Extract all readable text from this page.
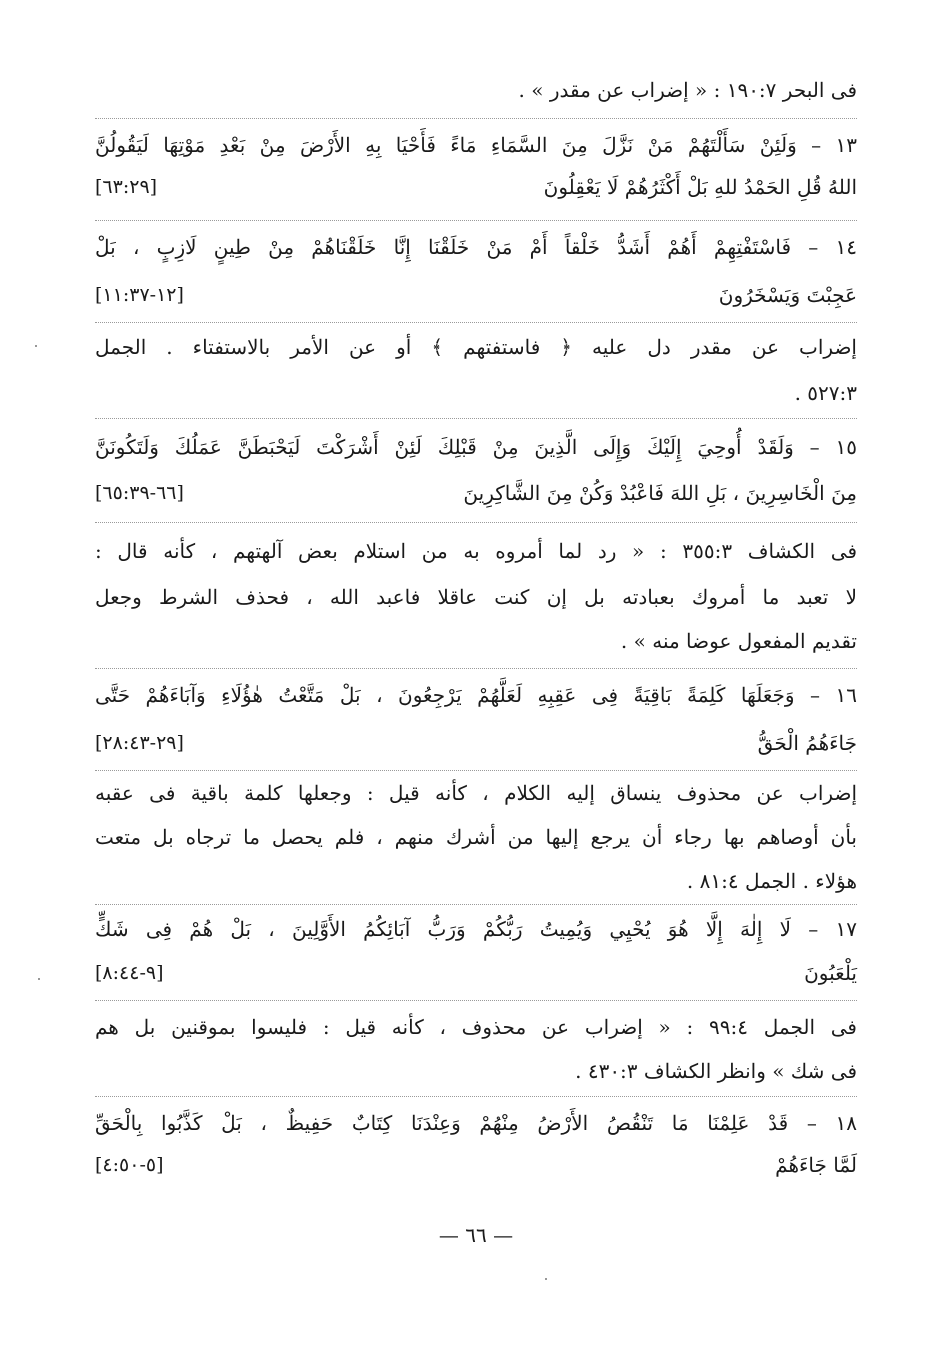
فى البحر ١٩٠:٧ : « إضراب عن مقدر » .
١٣ – وَلَئِنْ سَأَلْتَهُمْ مَنْ نَزَّلَ مِنَ السَّمَاءِ مَاءً فَأَحْيَا بِهِ الأَرْضَ مِنْ بَعْدِ مَوْتِهَا لَيَقُولُنَّ
اللهُ قُلِ الحَمْدُ للهِ بَلْ أَكْثَرُهُمْ لَا يَعْقِلُونَ
[٦٣:٢٩]
١٤ – فَاسْتَفْتِهِمْ أَهُمْ أَشَدُّ خَلْقاً أَمْ مَنْ خَلَقْنَا إِنَّا خَلَقْنَاهُمْ مِنْ طِينٍ لَازِبٍ ، بَلْ
عَجِبْتَ وَيَسْخَرُونَ
[١٢-١١:٣٧]
إضراب عن مقدر دل عليه ﴿ فاستفتهم ﴾ أو عن الأمر بالاستفتاء . الجمل
٥٢٧:٣ .
١٥ – وَلَقَدْ أُوحِيَ إِلَيْكَ وَإِلَى الَّذِينَ مِنْ قَبْلِكَ لَئِنْ أَشْرَكْتَ لَيَحْبَطَنَّ عَمَلُكَ وَلَتَكُونَنَّ
مِنَ الْخَاسِرِينَ ، بَلِ اللهَ فَاعْبُدْ وَكُنْ مِنَ الشَّاكِرِينَ
[٦٦-٦٥:٣٩]
فى الكشاف ٣٥٥:٣ : « رد لما أمروه به من استلام بعض آلهتهم ، كأنه قال :
لا تعبد ما أمروك بعبادته بل إن كنت عاقلا فاعبد الله ، فحذف الشرط وجعل
تقديم المفعول عوضا منه » .
١٦ – وَجَعَلَهَا كَلِمَةً بَاقِيَةً فِى عَقِبِهِ لَعَلَّهُمْ يَرْجِعُونَ ، بَلْ مَتَّعْتُ هٰؤُلَاءِ وَآبَاءَهُمْ حَتَّى
جَاءَهُمُ الْحَقُّ
[٢٩-٢٨:٤٣]
إضراب عن محذوف ينساق إليه الكلام ، كأنه قيل : وجعلها كلمة باقية فى عقبه
بأن أوصاهم بها رجاء أن يرجع إليها من أشرك منهم ، فلم يحصل ما ترجاه بل متعت
هؤلاء . الجمل ٨١:٤ .
١٧ – لَا إِلٰهَ إِلَّا هُوَ يُحْيِي وَيُمِيتُ رَبُّكُمْ وَرَبُّ آبَائِكُمُ الأَوَّلِينَ ، بَلْ هُمْ فِى شَكٍّ
يَلْعَبُونَ
[٩-٨:٤٤]
فى الجمل ٩٩:٤ : « إضراب عن محذوف ، كأنه قيل : فليسوا بموقنين بل هم
فى شك » وانظر الكشاف ٤٣٠:٣ .
١٨ – قَدْ عَلِمْنَا مَا تَنْقُصُ الأَرْضُ مِنْهُمْ وَعِنْدَنَا كِتَابٌ حَفِيظٌ ، بَلْ كَذَّبُوا بِالْحَقِّ
لَمَّا جَاءَهُمْ
[٥-٤:٥٠]
— ٦٦ —
